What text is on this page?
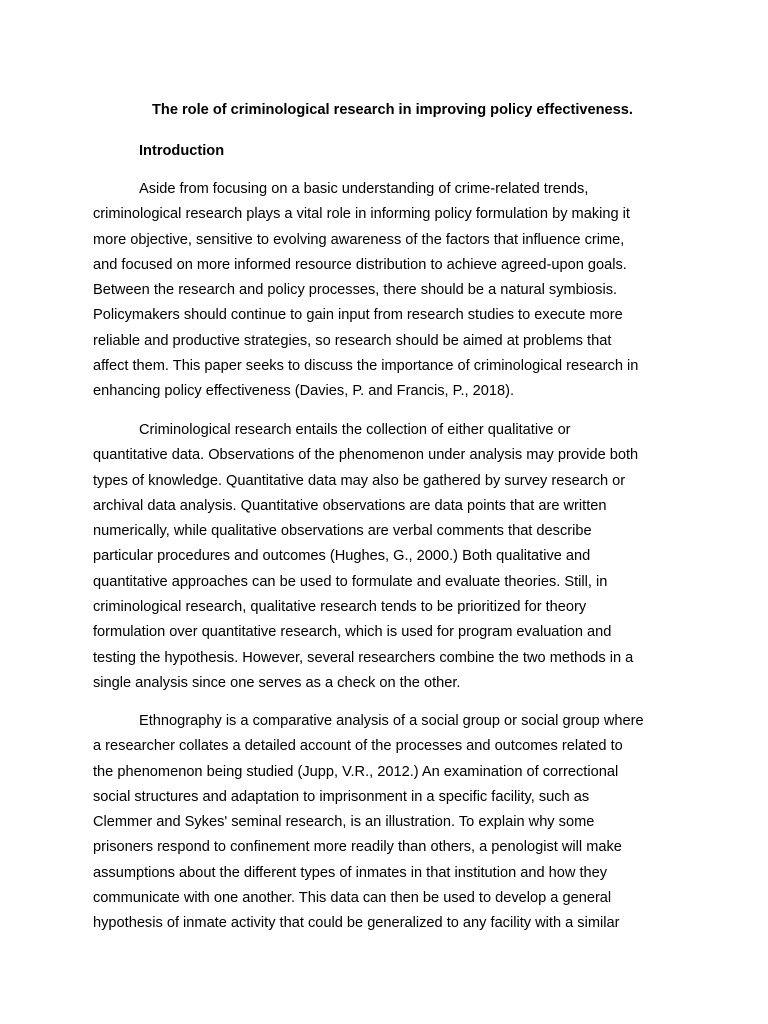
The role of criminological research in improving policy effectiveness.
Introduction
Aside from focusing on a basic understanding of crime-related trends,
criminological research plays a vital role in informing policy formulation by making it
more objective, sensitive to evolving awareness of the factors that influence crime,
and focused on more informed resource distribution to achieve agreed-upon goals.
Between the research and policy processes, there should be a natural symbiosis.
Policymakers should continue to gain input from research studies to execute more
reliable and productive strategies, so research should be aimed at problems that
affect them. This paper seeks to discuss the importance of criminological research in
enhancing policy effectiveness (Davies, P. and Francis, P., 2018).
Criminological research entails the collection of either qualitative or
quantitative data. Observations of the phenomenon under analysis may provide both
types of knowledge. Quantitative data may also be gathered by survey research or
archival data analysis. Quantitative observations are data points that are written
numerically, while qualitative observations are verbal comments that describe
particular procedures and outcomes (Hughes, G., 2000.) Both qualitative and
quantitative approaches can be used to formulate and evaluate theories. Still, in
criminological research, qualitative research tends to be prioritized for theory
formulation over quantitative research, which is used for program evaluation and
testing the hypothesis. However, several researchers combine the two methods in a
single analysis since one serves as a check on the other.
Ethnography is a comparative analysis of a social group or social group where
a researcher collates a detailed account of the processes and outcomes related to
the phenomenon being studied (Jupp, V.R., 2012.) An examination of correctional
social structures and adaptation to imprisonment in a specific facility, such as
Clemmer and Sykes' seminal research, is an illustration. To explain why some
prisoners respond to confinement more readily than others, a penologist will make
assumptions about the different types of inmates in that institution and how they
communicate with one another. This data can then be used to develop a general
hypothesis of inmate activity that could be generalized to any facility with a similar
